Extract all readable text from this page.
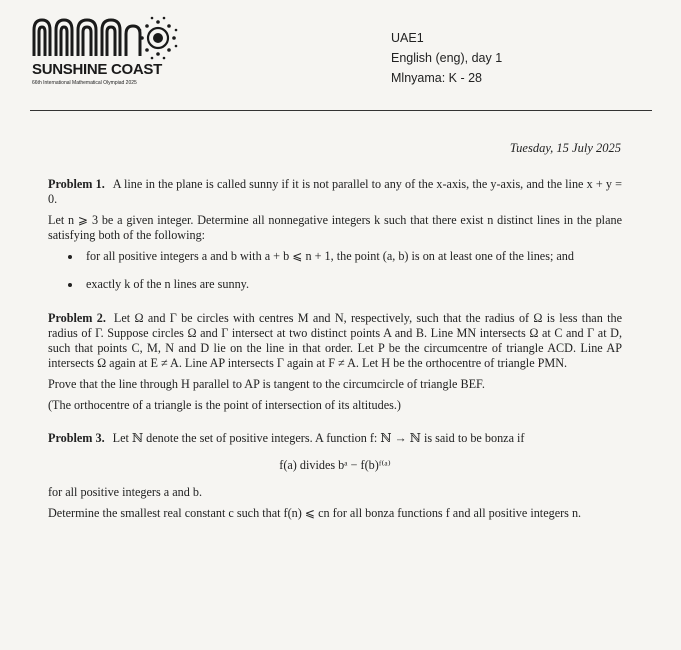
SUNSHINE COAST
66th International Mathematical Olympiad 2025
UAE1
English (eng), day 1
Mlnyama: K - 28
Tuesday, 15 July 2025

Problem 1. A line in the plane is called sunny if it is not parallel to any of the x-axis, the y-axis, and the line x + y = 0.

Let n ⩾ 3 be a given integer. Determine all nonnegative integers k such that there exist n distinct lines in the plane satisfying both of the following:

• for all positive integers a and b with a + b ⩽ n + 1, the point (a, b) is on at least one of the lines; and
• exactly k of the n lines are sunny.

Problem 2. Let Ω and Γ be circles with centres M and N, respectively, such that the radius of Ω is less than the radius of Γ. Suppose circles Ω and Γ intersect at two distinct points A and B. Line MN intersects Ω at C and Γ at D, such that points C, M, N and D lie on the line in that order. Let P be the circumcentre of triangle ACD. Line AP intersects Ω again at E ≠ A. Line AP intersects Γ again at F ≠ A. Let H be the orthocentre of triangle PMN.

Prove that the line through H parallel to AP is tangent to the circumcircle of triangle BEF.

(The orthocentre of a triangle is the point of intersection of its altitudes.)

Problem 3. Let ℕ denote the set of positive integers. A function f: ℕ → ℕ is said to be bonza if

f(a) divides bᵃ − f(b)ᶠ⁽ᵃ⁾

for all positive integers a and b.

Determine the smallest real constant c such that f(n) ⩽ cn for all bonza functions f and all positive integers n.
